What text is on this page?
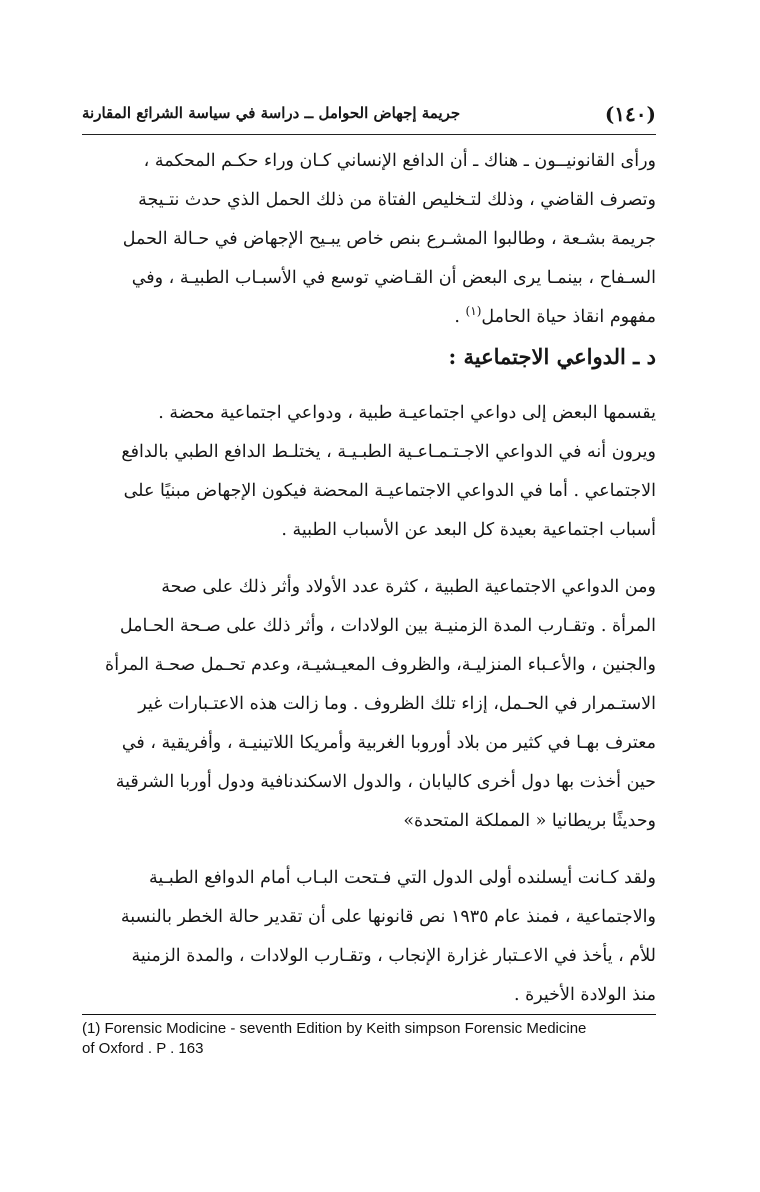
(١٤٠)
جريمة إجهاض الحوامل ــ دراسة في سياسة الشرائع المقارنة
ورأى القانونيــون ـ هناك ـ أن الدافع الإنساني كـان وراء حكـم المحكمة ،
وتصرف القاضي ، وذلك لتـخليص الفتاة من ذلك الحمل الذي حدث نتـيجة
جريمة بشـعة ، وطالبوا المشـرع بنص خاص يبـيح الإجهاض في حـالة الحمل
السـفاح ، بينمـا يرى البعض أن القـاضي توسع في الأسبـاب الطبيـة ، وفي
مفهوم انقاذ حياة الحامل$^{(١)}$ .
د ـ الدواعي الاجتماعية :
يقسمها البعض إلى دواعي اجتماعيـة طبية ، ودواعي اجتماعية محضة .
ويرون أنه في الدواعي الاجـتـمـاعـية الطبـيـة ، يختلـط الدافع الطبي بالدافع
الاجتماعي . أما في الدواعي الاجتماعيـة المحضة فيكون الإجهاض مبنيًا على
أسباب اجتماعية بعيدة كل البعد عن الأسباب الطبية .
ومن الدواعي الاجتماعية الطبية ، كثرة عدد الأولاد وأثر ذلك على صحة
المرأة . وتقـارب المدة الزمنيـة بين الولادات ، وأثر ذلك على صـحة الحـامل
والجنين ، والأعـباء المنزليـة، والظروف المعيـشيـة، وعدم تحـمل صحـة المرأة
الاستـمرار في الحـمل، إزاء تلك الظروف . وما زالت هذه الاعتـبارات غير
معترف بهـا في كثير من بلاد أوروبا الغربية وأمريكا اللاتينيـة ، وأفريقية ، في
حين أخذت بها دول أخرى كاليابان ، والدول الاسكندنافية ودول أوربا الشرقية
وحديثًا بريطانيا « المملكة المتحدة»
ولقد كـانت أيسلنده أولى الدول التي فـتحت البـاب أمام الدوافع الطبـية
والاجتماعية ، فمنذ عام ١٩٣٥ نص قانونها على أن تقدير حالة الخطر بالنسبة
للأم ، يأخذ في الاعـتبار غزارة الإنجاب ، وتقـارب الولادات ، والمدة الزمنية
منذ الولادة الأخيرة .
(1) Forensic Modicine - seventh Edition by Keith simpson Forensic Medicine
of Oxford . P . 163
